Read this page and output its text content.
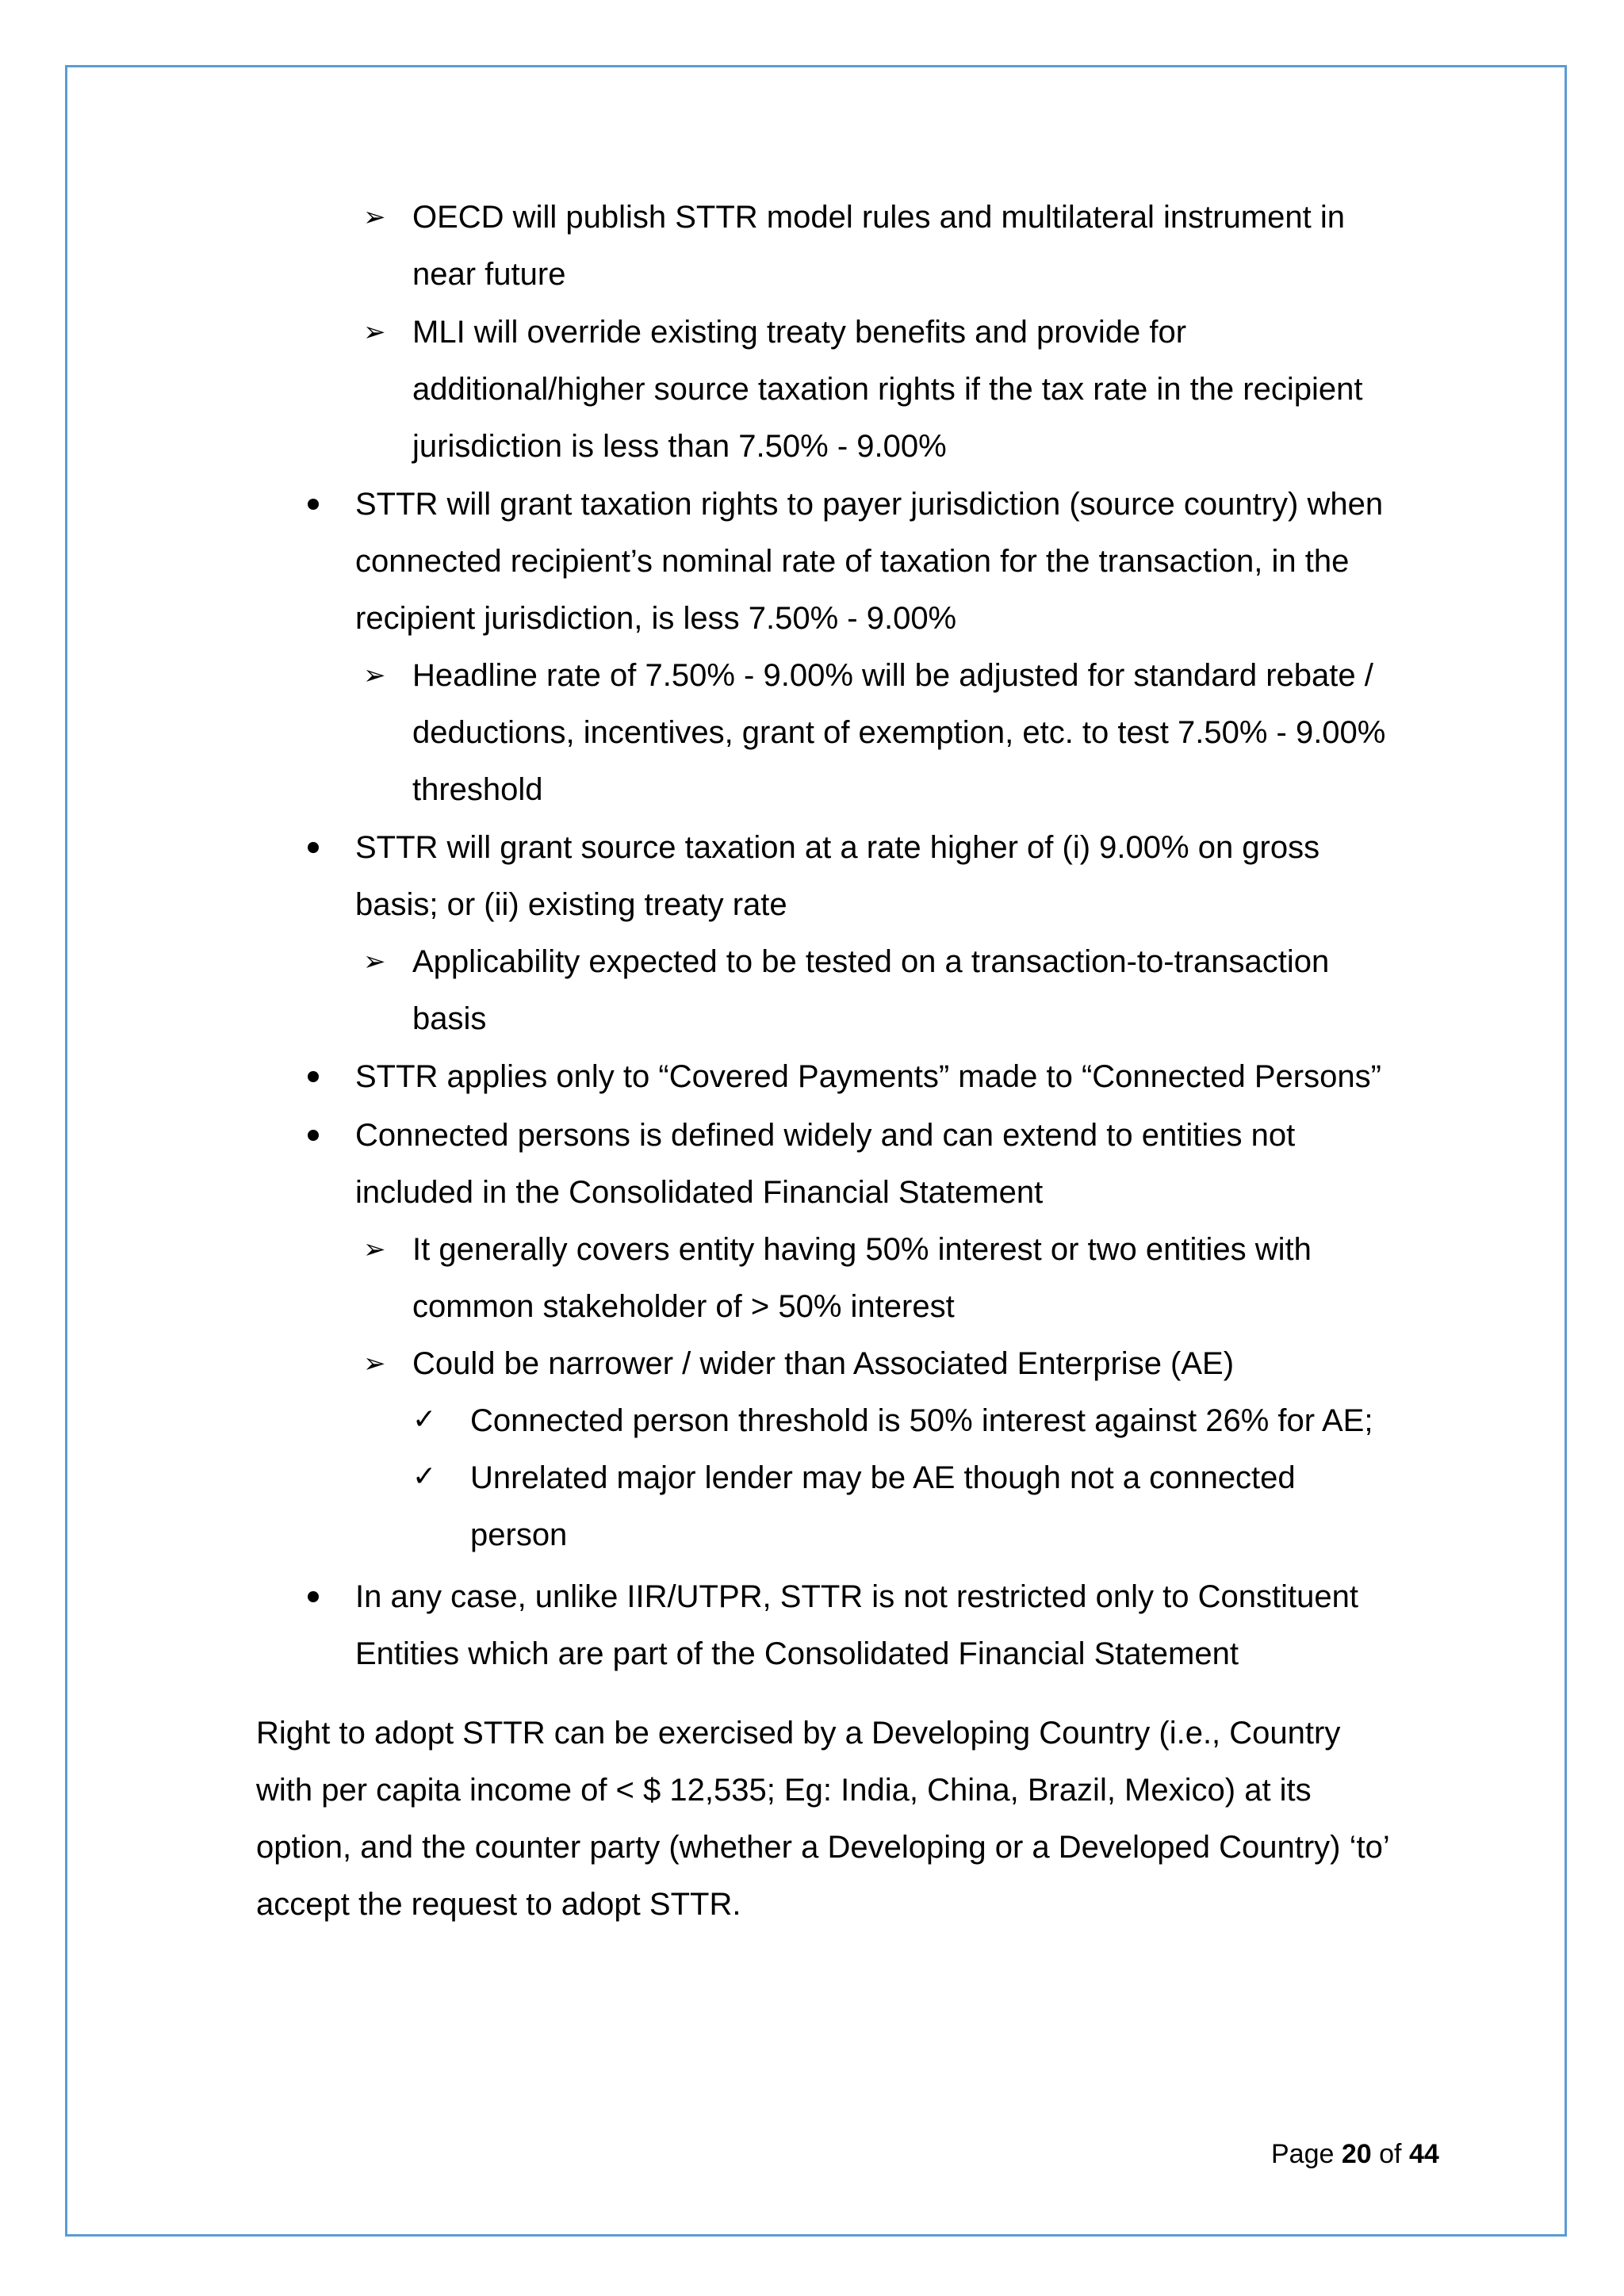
➢ OECD will publish STTR model rules and multilateral instrument in
near future
➢ MLI will override existing treaty benefits and provide for
additional/higher source taxation rights if the tax rate in the recipient
jurisdiction is less than 7.50% - 9.00%
STTR will grant taxation rights to payer jurisdiction (source country) when
connected recipient’s nominal rate of taxation for the transaction, in the
recipient jurisdiction, is less 7.50% - 9.00%
➢ Headline rate of 7.50% - 9.00% will be adjusted for standard rebate /
deductions, incentives, grant of exemption, etc. to test 7.50% - 9.00%
threshold
STTR will grant source taxation at a rate higher of (i) 9.00% on gross
basis; or (ii) existing treaty rate
➢ Applicability expected to be tested on a transaction-to-transaction
basis
STTR applies only to “Covered Payments” made to “Connected Persons”
Connected persons is defined widely and can extend to entities not
included in the Consolidated Financial Statement
➢ It generally covers entity having 50% interest or two entities with
common stakeholder of > 50% interest
➢ Could be narrower / wider than Associated Enterprise (AE)
✓ Connected person threshold is 50% interest against 26% for AE;
✓ Unrelated major lender may be AE though not a connected
person
In any case, unlike IIR/UTPR, STTR is not restricted only to Constituent
Entities which are part of the Consolidated Financial Statement
Right to adopt STTR can be exercised by a Developing Country (i.e., Country
with per capita income of < $ 12,535; Eg: India, China, Brazil, Mexico) at its
option, and the counter party (whether a Developing or a Developed Country) ‘to’
accept the request to adopt STTR.
Page 20 of 44
